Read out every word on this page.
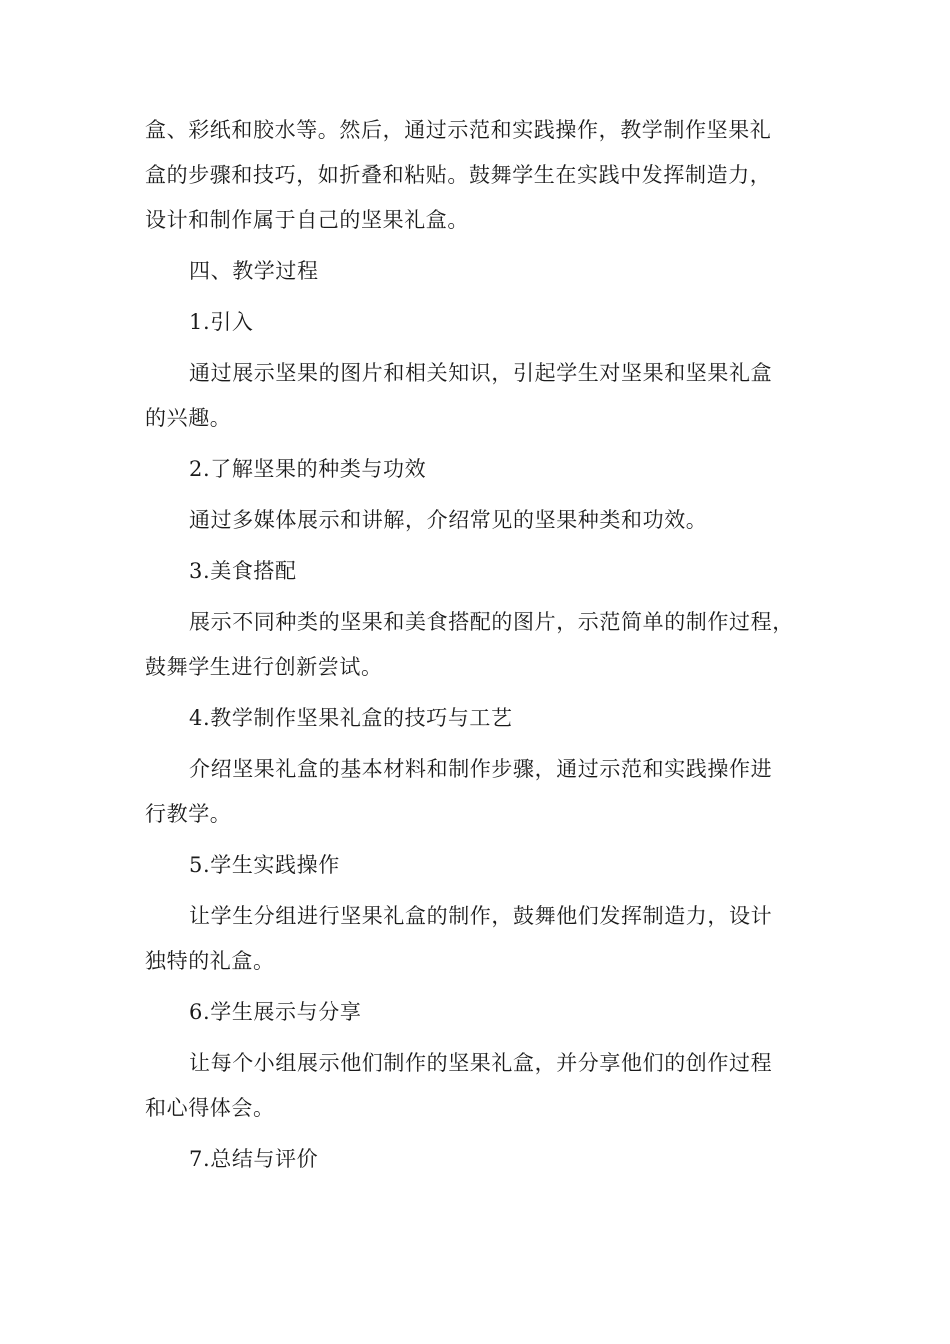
盒、彩纸和胶水等。然后，通过示范和实践操作，教学制作坚果礼
盒的步骤和技巧，如折叠和粘贴。鼓舞学生在实践中发挥制造力，
设计和制作属于自己的坚果礼盒。
四、教学过程
1.引入
通过展示坚果的图片和相关知识，引起学生对坚果和坚果礼盒
的兴趣。
2.了解坚果的种类与功效
通过多媒体展示和讲解，介绍常见的坚果种类和功效。
3.美食搭配
展示不同种类的坚果和美食搭配的图片，示范简单的制作过程，
鼓舞学生进行创新尝试。
4.教学制作坚果礼盒的技巧与工艺
介绍坚果礼盒的基本材料和制作步骤，通过示范和实践操作进
行教学。
5.学生实践操作
让学生分组进行坚果礼盒的制作，鼓舞他们发挥制造力，设计
独特的礼盒。
6.学生展示与分享
让每个小组展示他们制作的坚果礼盒，并分享他们的创作过程
和心得体会。
7.总结与评价
